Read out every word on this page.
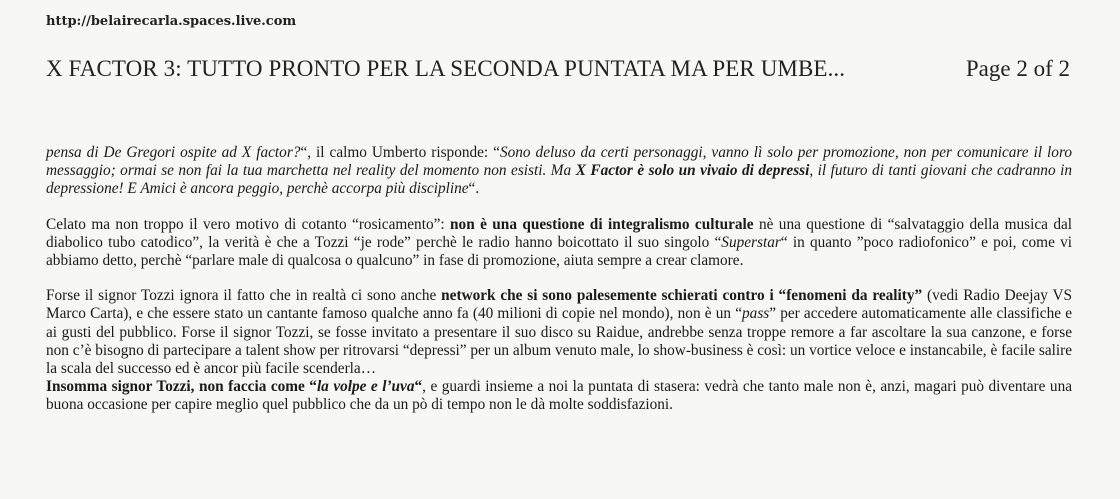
http://belairecarla.spaces.live.com
X FACTOR 3: TUTTO PRONTO PER LA SECONDA PUNTATA MA PER UMBE...	Page 2 of 2

pensa di De Gregori ospite ad X factor?“, il calmo Umberto risponde: “Sono deluso da certi personaggi, vanno lì solo per promozione, non per comunicare il loro messaggio; ormai se non fai la tua marchetta nel reality del momento non esisti. Ma X Factor è solo un vivaio di depressi, il futuro di tanti giovani che cadranno in depressione! E Amici è ancora peggio, perchè accorpa più discipline“.

Celato ma non troppo il vero motivo di cotanto “rosicamento”: non è una questione di integralismo culturale nè una questione di “salvataggio della musica dal diabolico tubo catodico”, la verità è che a Tozzi “je rode” perchè le radio hanno boicottato il suo singolo “Superstar“ in quanto ”poco radiofonico” e poi, come vi abbiamo detto, perchè “parlare male di qualcosa o qualcuno” in fase di promozione, aiuta sempre a crear clamore.

Forse il signor Tozzi ignora il fatto che in realtà ci sono anche network che si sono palesemente schierati contro i “fenomeni da reality” (vedi Radio Deejay VS Marco Carta), e che essere stato un cantante famoso qualche anno fa (40 milioni di copie nel mondo), non è un “pass” per accedere automaticamente alle classifiche e ai gusti del pubblico. Forse il signor Tozzi, se fosse invitato a presentare il suo disco su Raidue, andrebbe senza troppe remore a far ascoltare la sua canzone, e forse non c’è bisogno di partecipare a talent show per ritrovarsi “depressi” per un album venuto male, lo show-business è così: un vortice veloce e instancabile, è facile salire la scala del successo ed è ancor più facile scenderla…
Insomma signor Tozzi, non faccia come “la volpe e l’uva“, e guardi insieme a noi la puntata di stasera: vedrà che tanto male non è, anzi, magari può diventare una buona occasione per capire meglio quel pubblico che da un pò di tempo non le dà molte soddisfazioni.
